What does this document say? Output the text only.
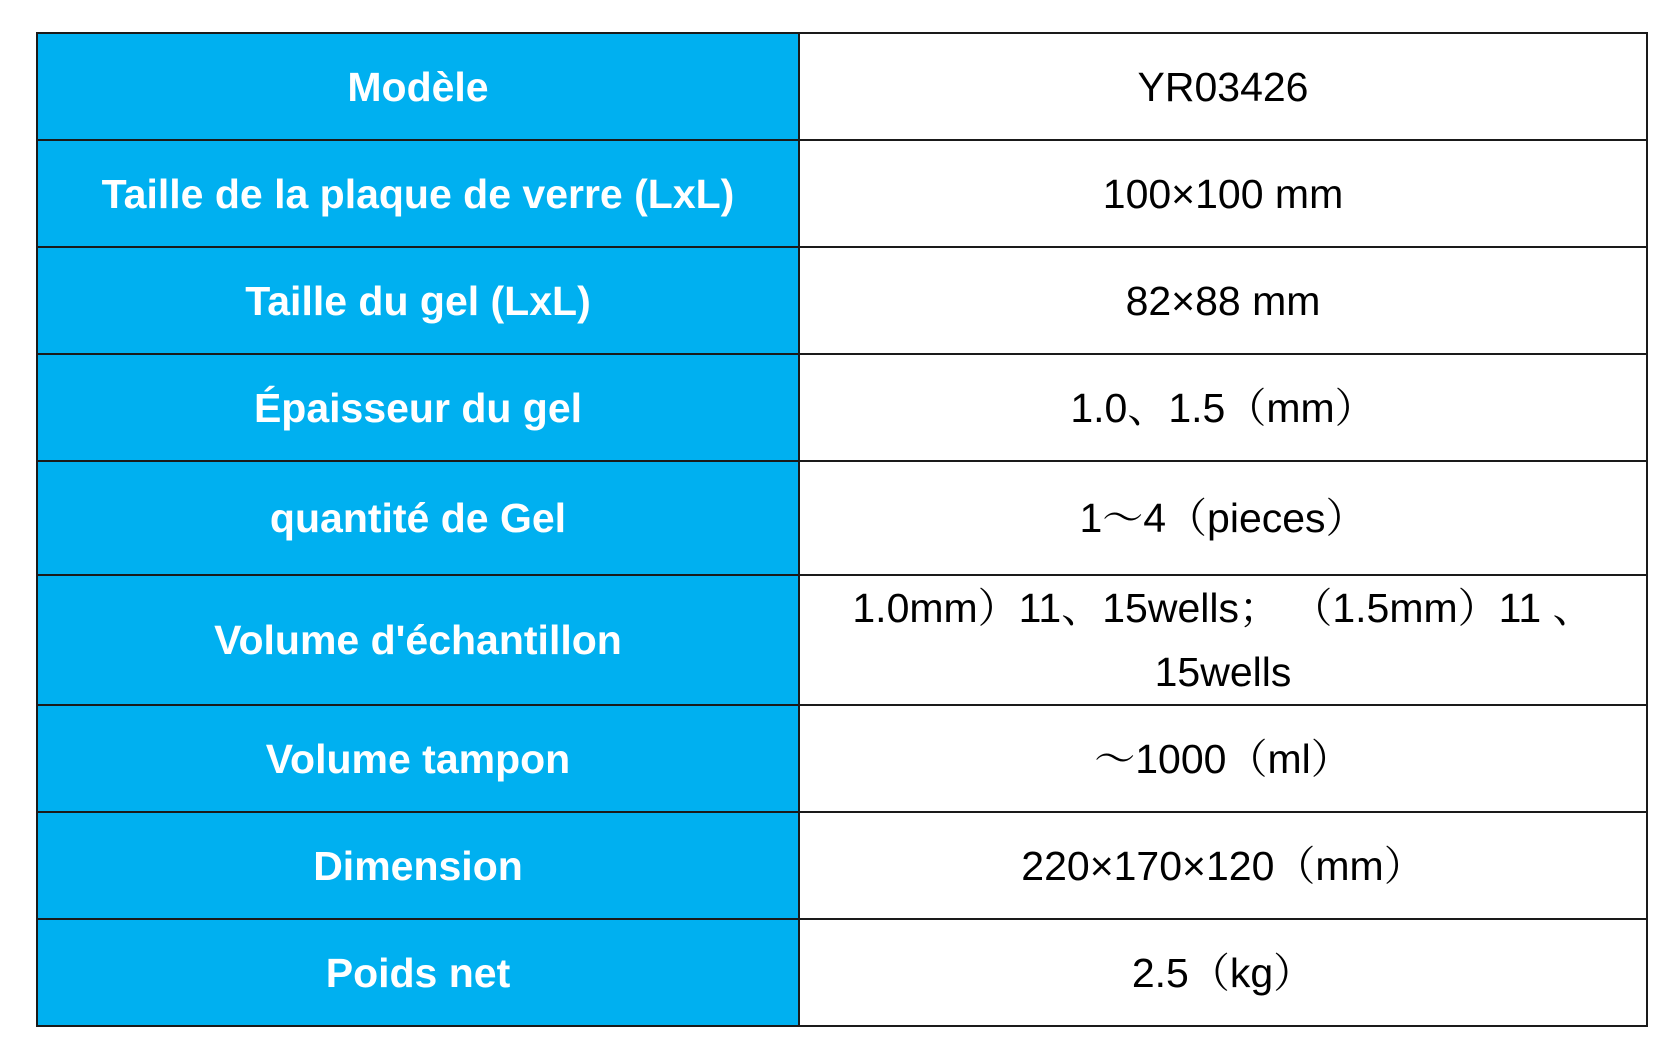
Modèle	YR03426
Taille de la plaque de verre (LxL)	100×100 mm
Taille du gel (LxL)	82×88 mm
Épaisseur du gel	1.0、1.5（mm）
quantité de Gel	1～4（pieces）
Volume d'échantillon	1.0mm）11、15wells； （1.5mm）11 、15wells
Volume tampon	～1000（ml）
Dimension	220×170×120（mm）
Poids net	2.5（kg）
